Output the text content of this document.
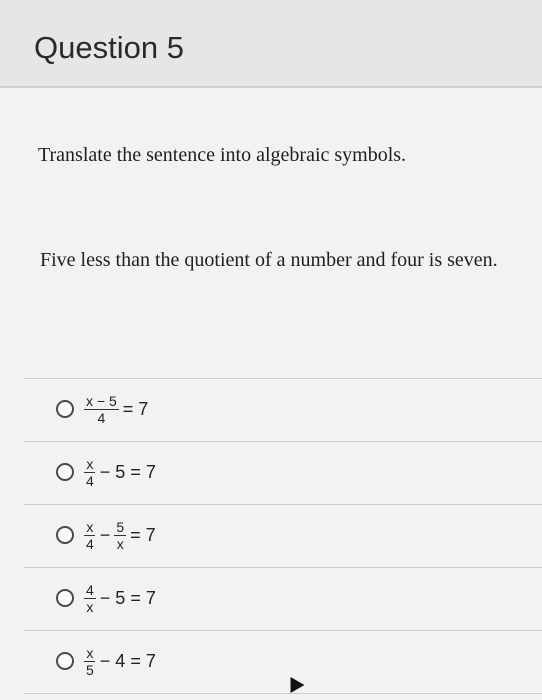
Question 5
Translate the sentence into algebraic symbols.
Five less than the quotient of a number and four is seven.
$\frac{x - 5}{4} = 7$
$\frac{x}{4} - 5 = 7$
$\frac{x}{4} - \frac{5}{x} = 7$
$\frac{4}{x} - 5 = 7$
$\frac{x}{5} - 4 = 7$
